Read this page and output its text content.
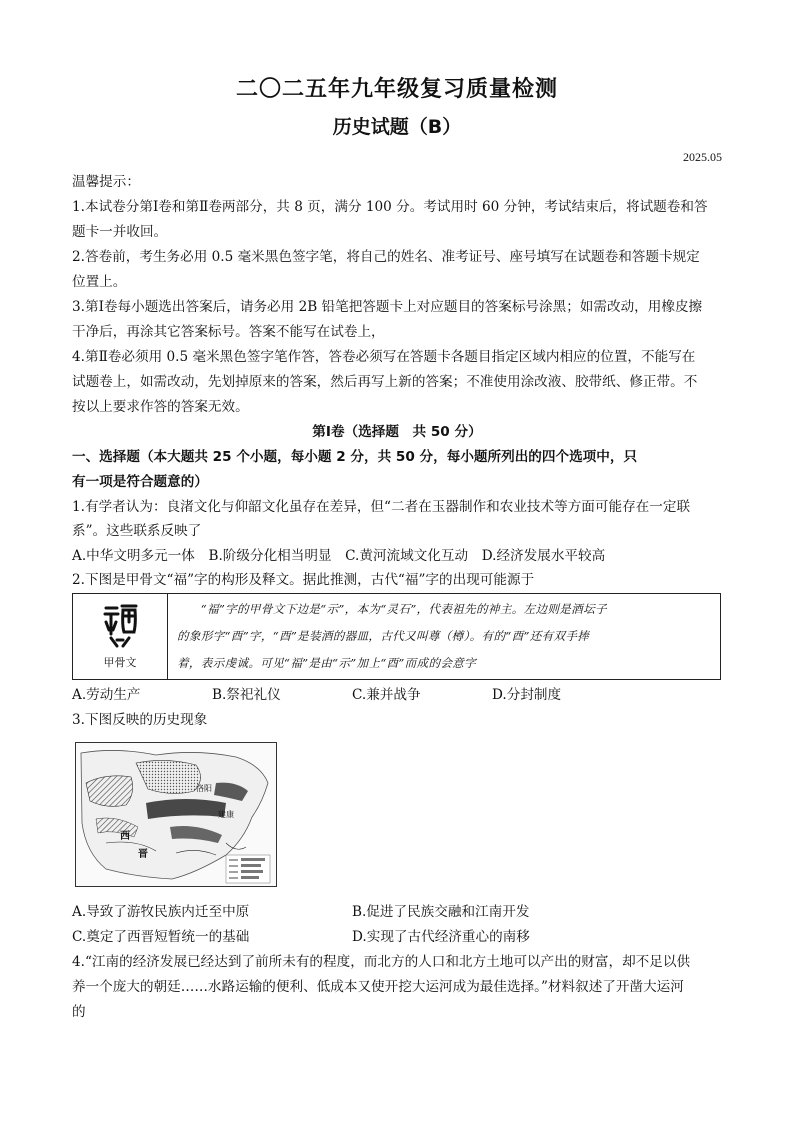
二〇二五年九年级复习质量检测
历史试题（B）
2025.05
温馨提示：
1.本试卷分第Ⅰ卷和第Ⅱ卷两部分，共 8 页，满分 100 分。考试用时 60 分钟，考试结束后，将试题卷和答
题卡一并收回。
2.答卷前，考生务必用 0.5 毫米黑色签字笔，将自己的姓名、准考证号、座号填写在试题卷和答题卡规定
位置上。
3.第Ⅰ卷每小题选出答案后，请务必用 2B 铅笔把答题卡上对应题目的答案标号涂黑；如需改动，用橡皮擦
干净后，再涂其它答案标号。答案不能写在试卷上，
4.第Ⅱ卷必须用 0.5 毫米黑色签字笔作答，答卷必须写在答题卡各题目指定区域内相应的位置，不能写在
试题卷上，如需改动，先划掉原来的答案，然后再写上新的答案；不准使用涂改液、胶带纸、修正带。不
按以上要求作答的答案无效。
第Ⅰ卷（选择题　共 50 分）
一、选择题（本大题共 25 个小题，每小题 2 分，共 50 分，每小题所列出的四个选项中，只
有一项是符合题意的）
1.有学者认为：良渚文化与仰韶文化虽存在差异，但“二者在玉器制作和农业技术等方面可能存在一定联
系”。这些联系反映了
A.中华文明多元一体　B.阶级分化相当明显　C.黄河流域文化互动　D.经济发展水平较高
2.下图是甲骨文“福”字的构形及释文。据此推测，古代“福”字的出现可能源于
甲骨文
　　“福”字的甲骨文下边是“示”，本为“灵石”，代表祖先的神主。左边则是酒坛子
的象形字“酉”字，“酉”是装酒的器皿，古代又叫尊（樽）。有的“酉”还有双手捧
着，表示虔诚。可见“福”是由“示”加上“酉”而成的会意字
A.劳动生产	B.祭祀礼仪	C.兼并战争	D.分封制度
3.下图反映的历史现象
建康
洛阳
西
晋
A.导致了游牧民族内迁至中原	B.促进了民族交融和江南开发
C.奠定了西晋短暂统一的基础	D.实现了古代经济重心的南移
4.“江南的经济发展已经达到了前所未有的程度，而北方的人口和北方土地可以产出的财富，却不足以供
养一个庞大的朝廷……水路运输的便利、低成本又使开挖大运河成为最佳选择。”材料叙述了开凿大运河
的
